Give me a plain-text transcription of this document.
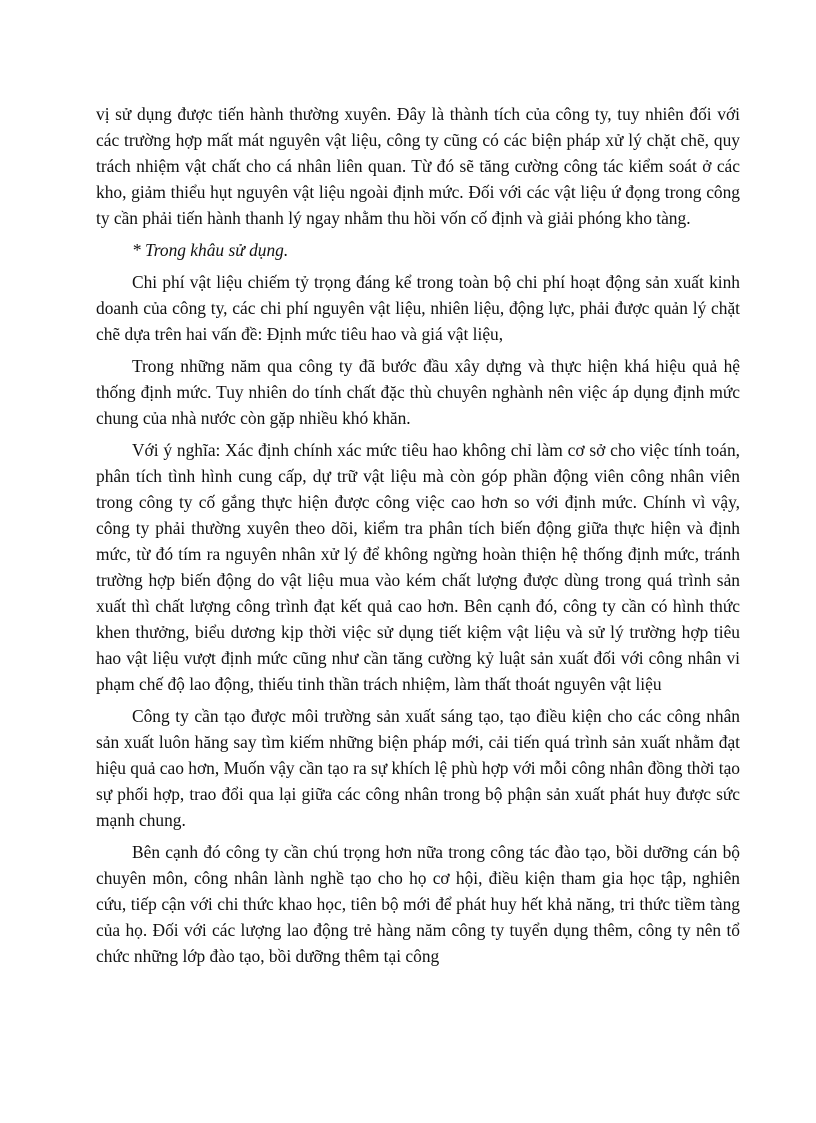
vị sử dụng được tiến hành thường xuyên. Đây là thành tích của công ty, tuy nhiên đối với các trường hợp mất mát nguyên vật liệu, công ty cũng có các biện pháp xử lý chặt chẽ, quy trách nhiệm vật chất cho cá nhân liên quan. Từ đó sẽ tăng cường công tác kiểm soát ở các kho, giảm thiểu hụt nguyên vật liệu ngoài định mức. Đối với các vật liệu ứ đọng trong công ty cần phải tiến hành thanh lý ngay nhằm thu hồi vốn cố định và giải phóng kho tàng.

* Trong khâu sử dụng.

Chi phí vật liệu chiếm tỷ trọng đáng kể trong toàn bộ chi phí hoạt động sản xuất kinh doanh của công ty, các chi phí nguyên vật liệu, nhiên liệu, động lực, phải được quản lý chặt chẽ dựa trên hai vấn đề: Định mức tiêu hao và giá vật liệu,

Trong những năm qua công ty đã bước đầu xây dựng và thực hiện khá hiệu quả hệ thống định mức. Tuy nhiên do tính chất đặc thù chuyên nghành nên việc áp dụng định mức chung của nhà nước còn gặp nhiều khó khăn.

Với ý nghĩa: Xác định chính xác mức tiêu hao không chỉ làm cơ sở cho việc tính toán, phân tích tình hình cung cấp, dự trữ vật liệu mà còn góp phần động viên công nhân viên trong công ty cố gắng thực hiện được công việc cao hơn so với định mức. Chính vì vậy, công ty phải thường xuyên theo dõi, kiểm tra phân tích biến động giữa thực hiện và định mức, từ đó tím ra nguyên nhân xử lý để không ngừng hoàn thiện hệ thống định mức, tránh trường hợp biến động do vật liệu mua vào kém chất lượng được dùng trong quá trình sản xuất thì chất lượng công trình đạt kết quả cao hơn. Bên cạnh đó, công ty cần có hình thức khen thưởng, biểu dương kịp thời việc sử dụng tiết kiệm vật liệu và sử lý trường hợp tiêu hao vật liệu vượt định mức cũng như cần tăng cường kỷ luật sản xuất đối với công nhân vi phạm chế độ lao động, thiếu tinh thần trách nhiệm, làm thất thoát nguyên vật liệu

Công ty cần tạo được môi trường sản xuất sáng tạo, tạo điều kiện cho các công nhân sản xuất luôn hăng say tìm kiếm những biện pháp mới, cải tiến quá trình sản xuất nhằm đạt hiệu quả cao hơn, Muốn vậy cần tạo ra sự khích lệ phù hợp với mỗi công nhân đồng thời tạo sự phối hợp, trao đổi qua lại giữa các công nhân trong bộ phận sản xuất phát huy được sức mạnh chung.

Bên cạnh đó công ty cần chú trọng hơn nữa trong công tác đào tạo, bồi dưỡng cán bộ chuyên môn, công nhân lành nghề tạo cho họ cơ hội, điều kiện tham gia học tập, nghiên cứu, tiếp cận với chi thức khao học, tiên bộ mới để phát huy hết khả năng, tri thức tiềm tàng của họ. Đối với các lượng lao động trẻ hàng năm công ty tuyển dụng thêm, công ty nên tổ chức những lớp đào tạo, bồi dưỡng thêm tại công
